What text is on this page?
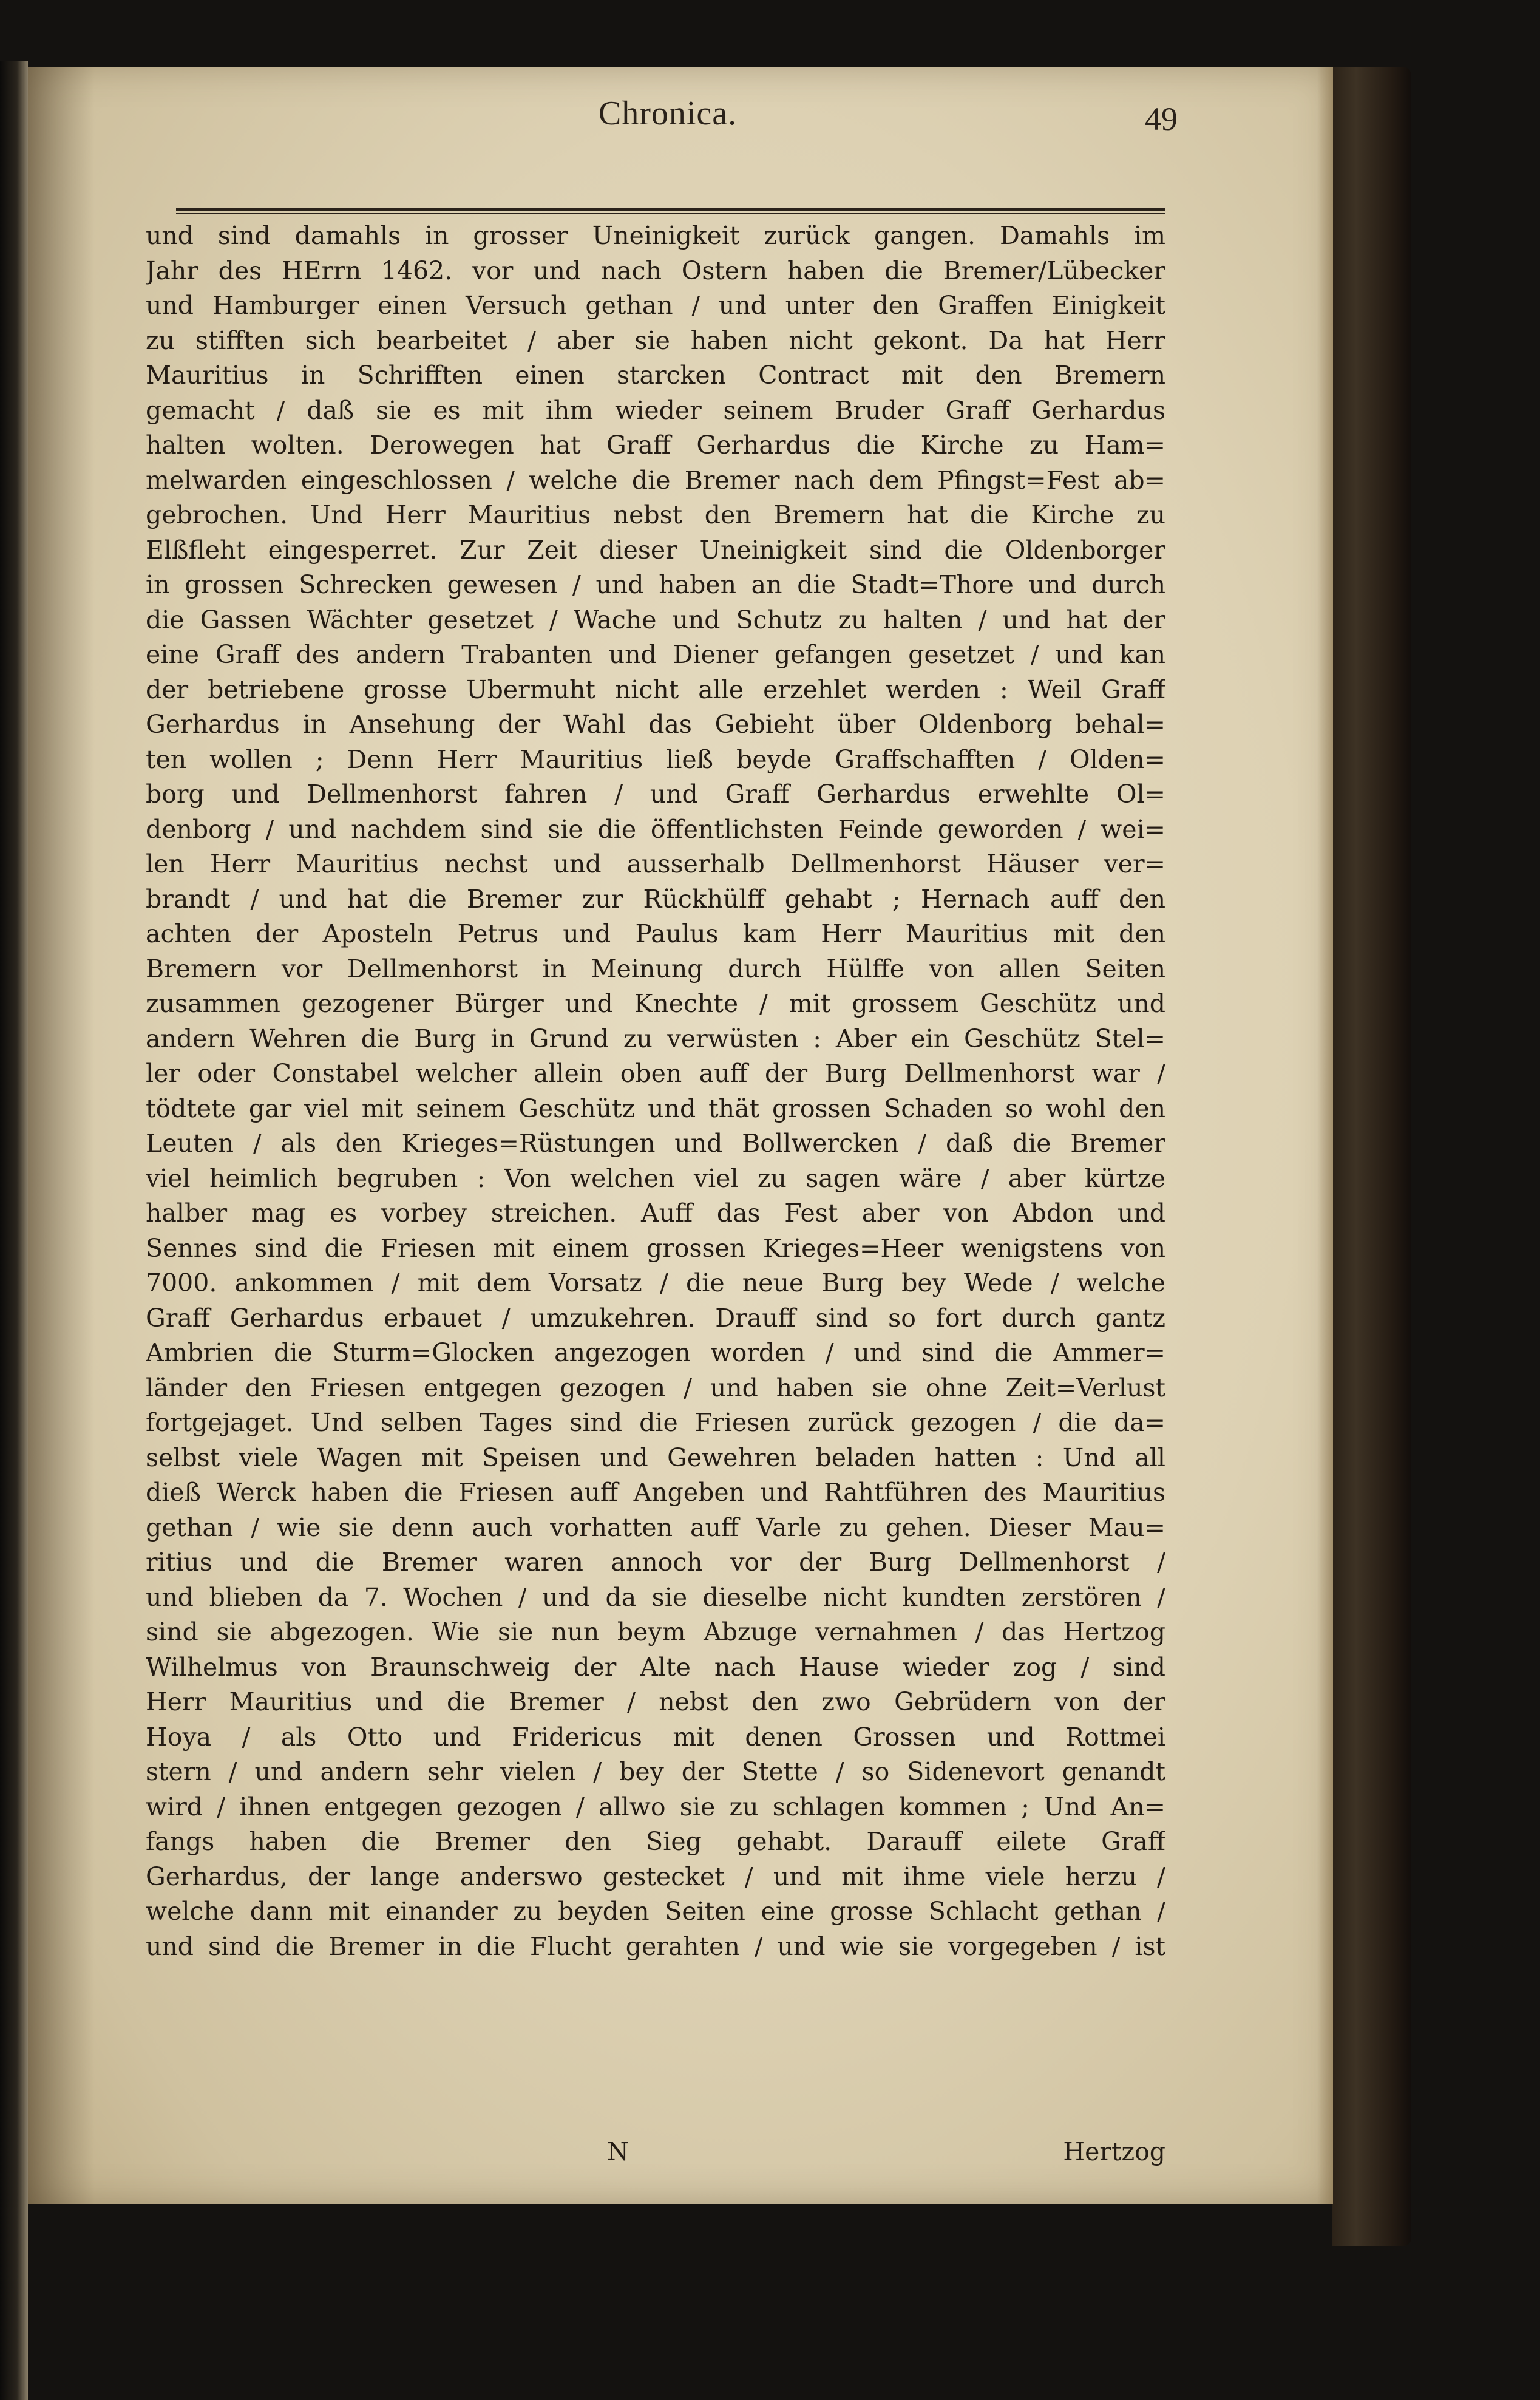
Chronica.	49
und sind damahls in grosser Uneinigkeit zurück gangen. Damahls im
Jahr des HErrn 1462. vor und nach Ostern haben die Bremer/Lübecker
und Hamburger einen Versuch gethan / und unter den Graffen Einigkeit
zu stifften sich bearbeitet / aber sie haben nicht gekont. Da hat Herr
Mauritius in Schrifften einen starcken Contract mit den Bremern
gemacht / daß sie es mit ihm wieder seinem Bruder Graff Gerhardus
halten wolten. Derowegen hat Graff Gerhardus die Kirche zu Ham=
melwarden eingeschlossen / welche die Bremer nach dem Pfingst=Fest ab=
gebrochen. Und Herr Mauritius nebst den Bremern hat die Kirche zu
Elßfleht eingesperret. Zur Zeit dieser Uneinigkeit sind die Oldenborger
in grossen Schrecken gewesen / und haben an die Stadt=Thore und durch
die Gassen Wächter gesetzet / Wache und Schutz zu halten / und hat der
eine Graff des andern Trabanten und Diener gefangen gesetzet / und kan
der betriebene grosse Ubermuht nicht alle erzehlet werden : Weil Graff
Gerhardus in Ansehung der Wahl das Gebieht über Oldenborg behal=
ten wollen ; Denn Herr Mauritius ließ beyde Graffschafften / Olden=
borg und Dellmenhorst fahren / und Graff Gerhardus erwehlte Ol=
denborg / und nachdem sind sie die öffentlichsten Feinde geworden / wei=
len Herr Mauritius nechst und ausserhalb Dellmenhorst Häuser ver=
brandt / und hat die Bremer zur Rückhülff gehabt ; Hernach auff den
achten der Aposteln Petrus und Paulus kam Herr Mauritius mit den
Bremern vor Dellmenhorst in Meinung durch Hülffe von allen Seiten
zusammen gezogener Bürger und Knechte / mit grossem Geschütz und
andern Wehren die Burg in Grund zu verwüsten : Aber ein Geschütz Stel=
ler oder Constabel welcher allein oben auff der Burg Dellmenhorst war /
tödtete gar viel mit seinem Geschütz und thät grossen Schaden so wohl den
Leuten / als den Krieges=Rüstungen und Bollwercken / daß die Bremer
viel heimlich begruben : Von welchen viel zu sagen wäre / aber kürtze
halber mag es vorbey streichen. Auff das Fest aber von Abdon und
Sennes sind die Friesen mit einem grossen Krieges=Heer wenigstens von
7000. ankommen / mit dem Vorsatz / die neue Burg bey Wede / welche
Graff Gerhardus erbauet / umzukehren. Drauff sind so fort durch gantz
Ambrien die Sturm=Glocken angezogen worden / und sind die Ammer=
länder den Friesen entgegen gezogen / und haben sie ohne Zeit=Verlust
fortgejaget. Und selben Tages sind die Friesen zurück gezogen / die da=
selbst viele Wagen mit Speisen und Gewehren beladen hatten : Und all
dieß Werck haben die Friesen auff Angeben und Rahtführen des Mauritius
gethan / wie sie denn auch vorhatten auff Varle zu gehen. Dieser Mau=
ritius und die Bremer waren annoch vor der Burg Dellmenhorst /
und blieben da 7. Wochen / und da sie dieselbe nicht kundten zerstören /
sind sie abgezogen. Wie sie nun beym Abzuge vernahmen / das Hertzog
Wilhelmus von Braunschweig der Alte nach Hause wieder zog / sind
Herr Mauritius und die Bremer / nebst den zwo Gebrüdern von der
Hoya / als Otto und Fridericus mit denen Grossen und Rottmei
stern / und andern sehr vielen / bey der Stette / so Sidenevort genandt
wird / ihnen entgegen gezogen / allwo sie zu schlagen kommen ; Und An=
fangs haben die Bremer den Sieg gehabt. Darauff eilete Graff
Gerhardus, der lange anderswo gestecket / und mit ihme viele herzu /
welche dann mit einander zu beyden Seiten eine grosse Schlacht gethan /
und sind die Bremer in die Flucht gerahten / und wie sie vorgegeben / ist
N	Hertzog
